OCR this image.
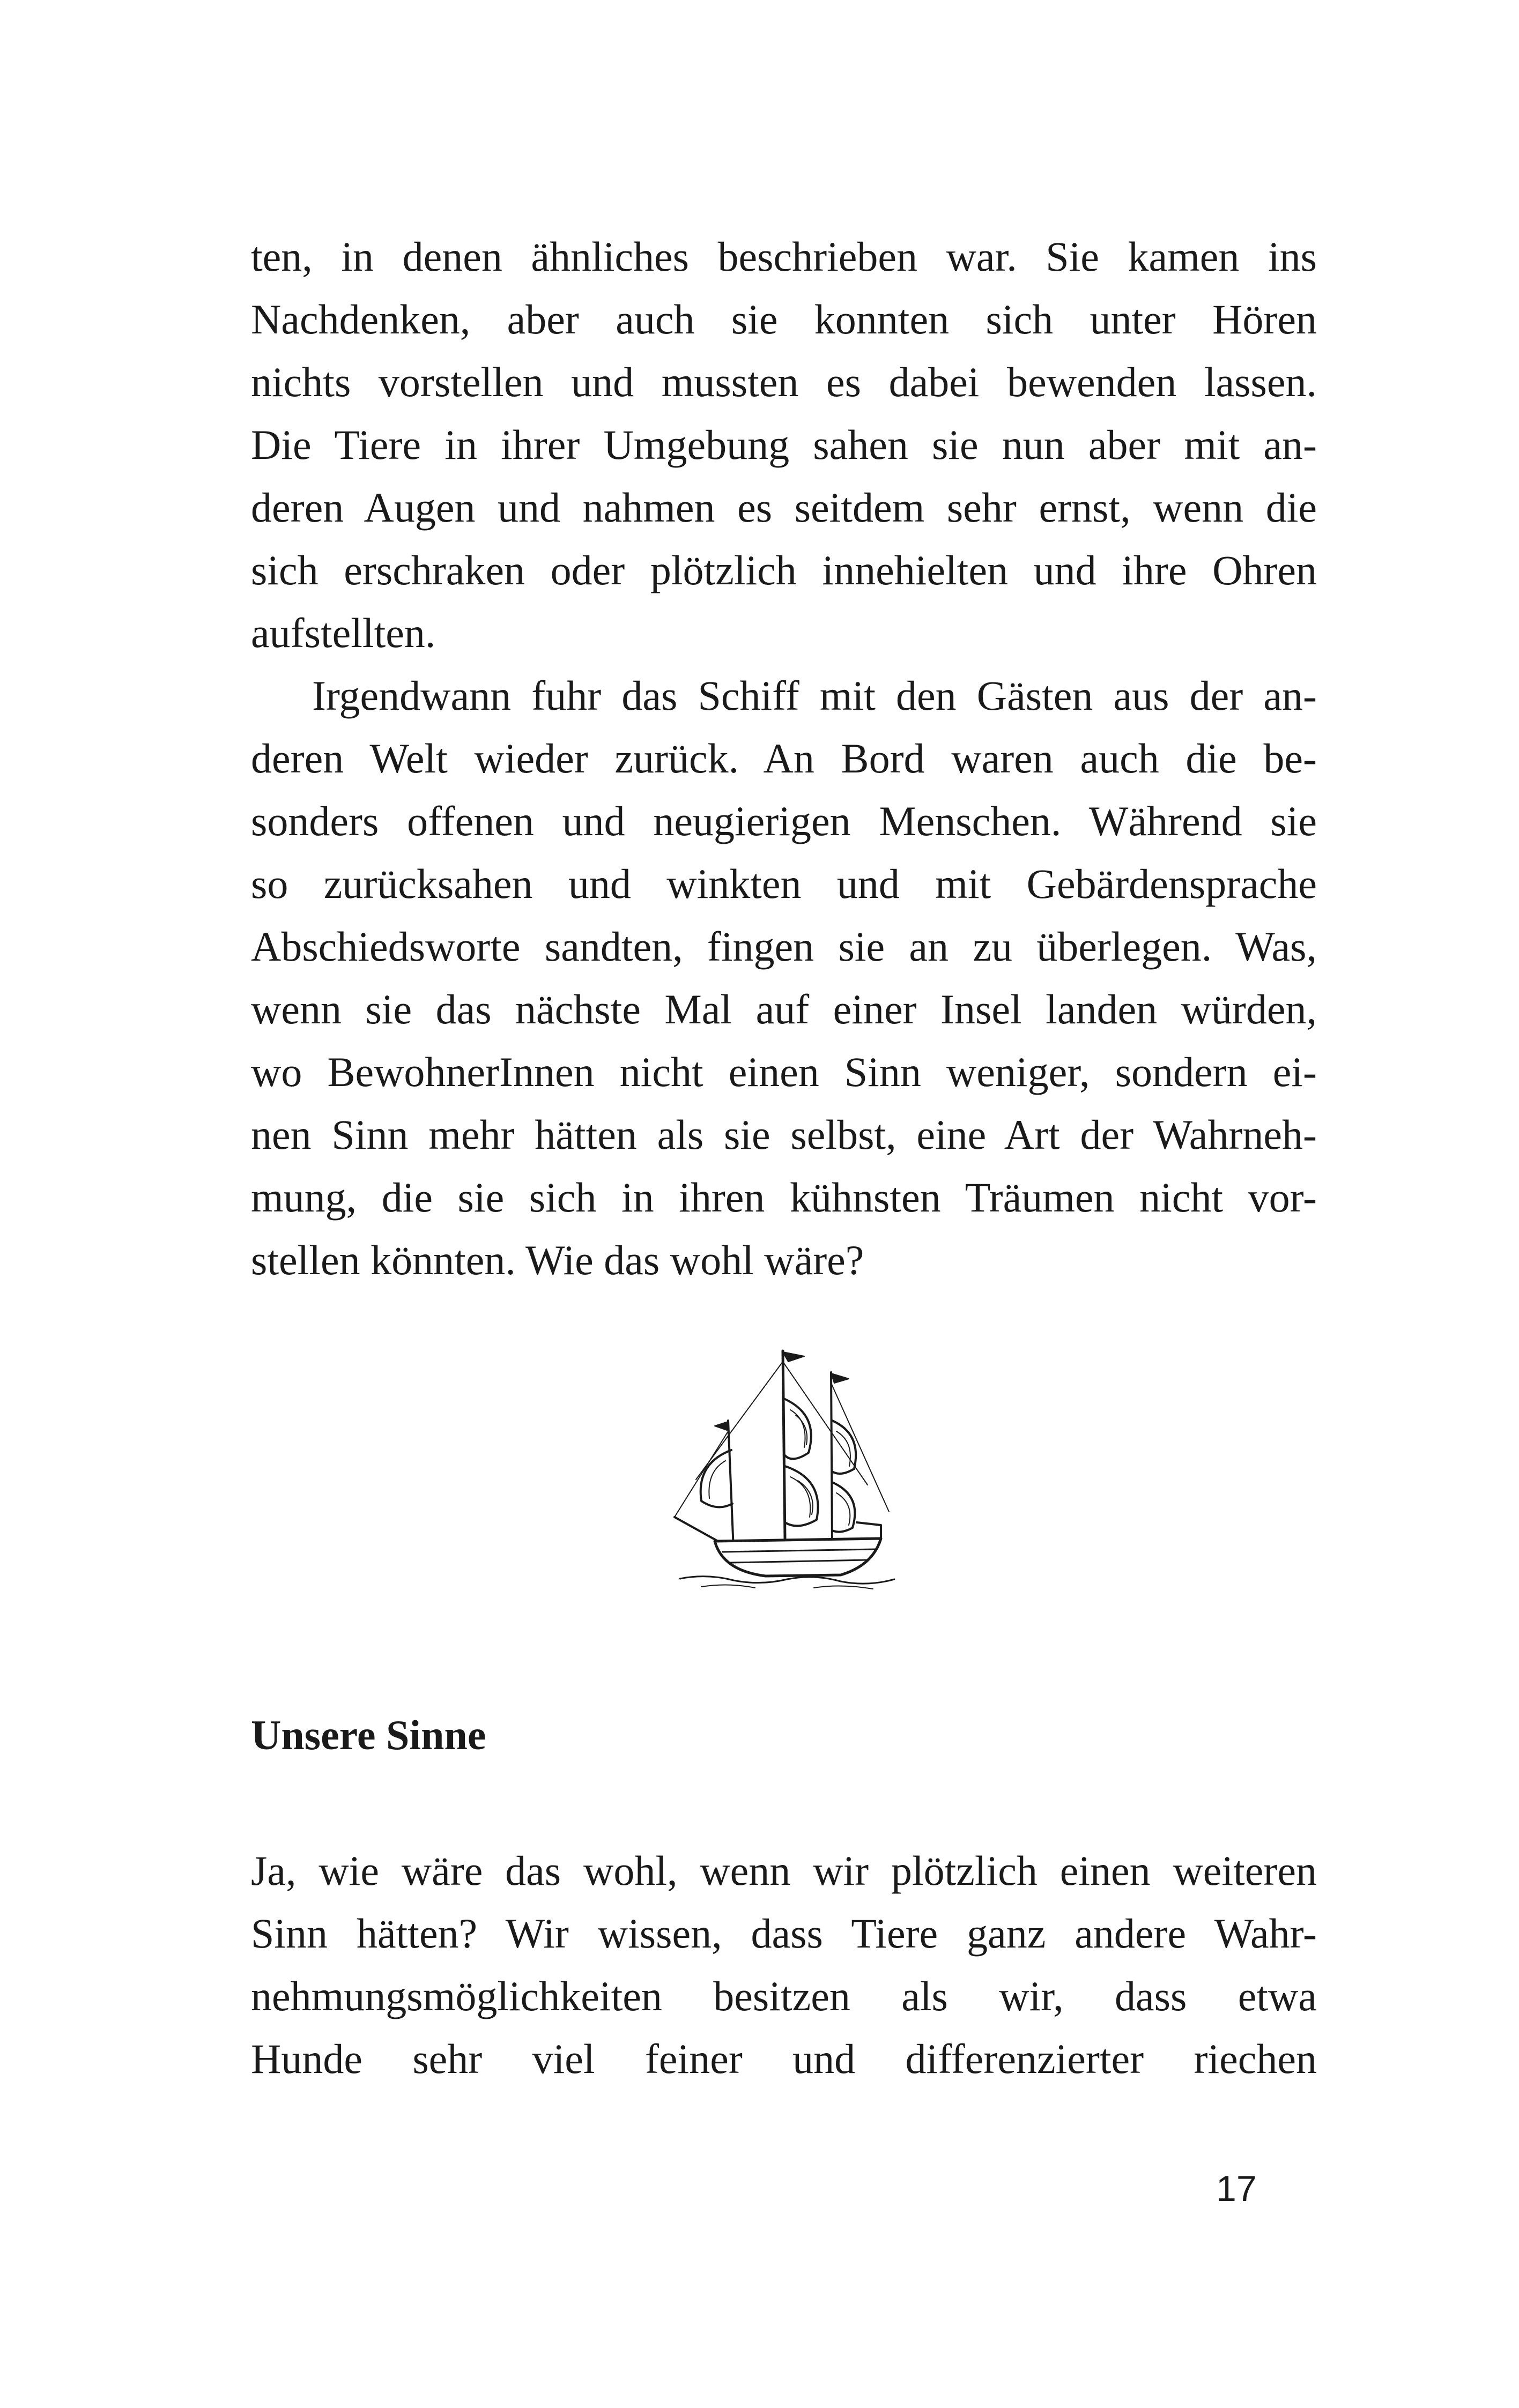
ten, in denen ähnliches beschrieben war. Sie kamen ins
Nachdenken, aber auch sie konnten sich unter Hören
nichts vorstellen und mussten es dabei bewenden lassen.
Die Tiere in ihrer Umgebung sahen sie nun aber mit an-
deren Augen und nahmen es seitdem sehr ernst, wenn die
sich erschraken oder plötzlich innehielten und ihre Ohren
aufstellten.
Irgendwann fuhr das Schiff mit den Gästen aus der an-
deren Welt wieder zurück. An Bord waren auch die be-
sonders offenen und neugierigen Menschen. Während sie
so zurücksahen und winkten und mit Gebärdensprache
Abschiedsworte sandten, fingen sie an zu überlegen. Was,
wenn sie das nächste Mal auf einer Insel landen würden,
wo BewohnerInnen nicht einen Sinn weniger, sondern ei-
nen Sinn mehr hätten als sie selbst, eine Art der Wahrneh-
mung, die sie sich in ihren kühnsten Träumen nicht vor-
stellen könnten. Wie das wohl wäre?
Unsere Sinne
Ja, wie wäre das wohl, wenn wir plötzlich einen weiteren
Sinn hätten? Wir wissen, dass Tiere ganz andere Wahr-
nehmungsmöglichkeiten besitzen als wir, dass etwa
Hunde sehr viel feiner und differenzierter riechen
17
